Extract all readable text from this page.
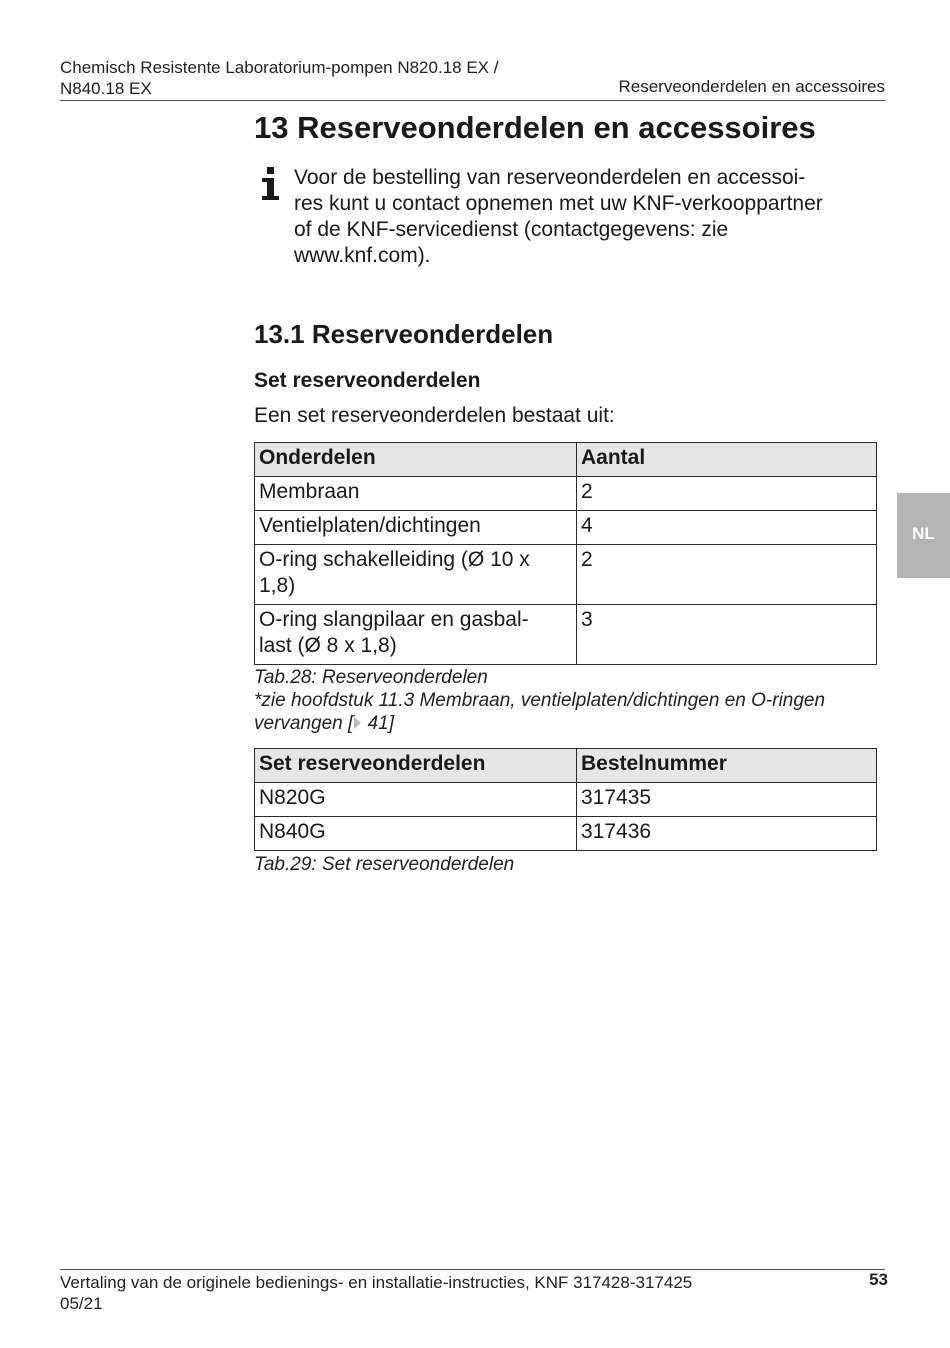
Chemisch Resistente Laboratorium-pompen N820.18 EX /
N840.18 EX	Reserveonderdelen en accessoires
13 Reserveonderdelen en accessoires
Voor de bestelling van reserveonderdelen en accessoi-
res kunt u contact opnemen met uw KNF-verkooppartner
of de KNF-servicedienst (contactgegevens: zie
www.knf.com).
13.1 Reserveonderdelen
Set reserveonderdelen

Een set reserveonderdelen bestaat uit:

Onderdelen	Aantal
Membraan	2
Ventielplaten/dichtingen	4

O-ring schakelleiding (Ø 10 x
1,8)	2

O-ring slangpilaar en gasbal-
last (Ø 8 x 1,8)	3
Tab.28: Reserveonderdelen
*zie hoofdstuk 11.3 Membraan, ventielplaten/dichtingen en O-ringen
vervangen [ 41]
Set reserveonderdelen	Bestelnummer
N820G	317435
N840G	317436
Tab.29: Set reserveonderdelen
NL
Vertaling van de originele bedienings- en installatie-instructies, KNF 317428-317425
05/21
53
